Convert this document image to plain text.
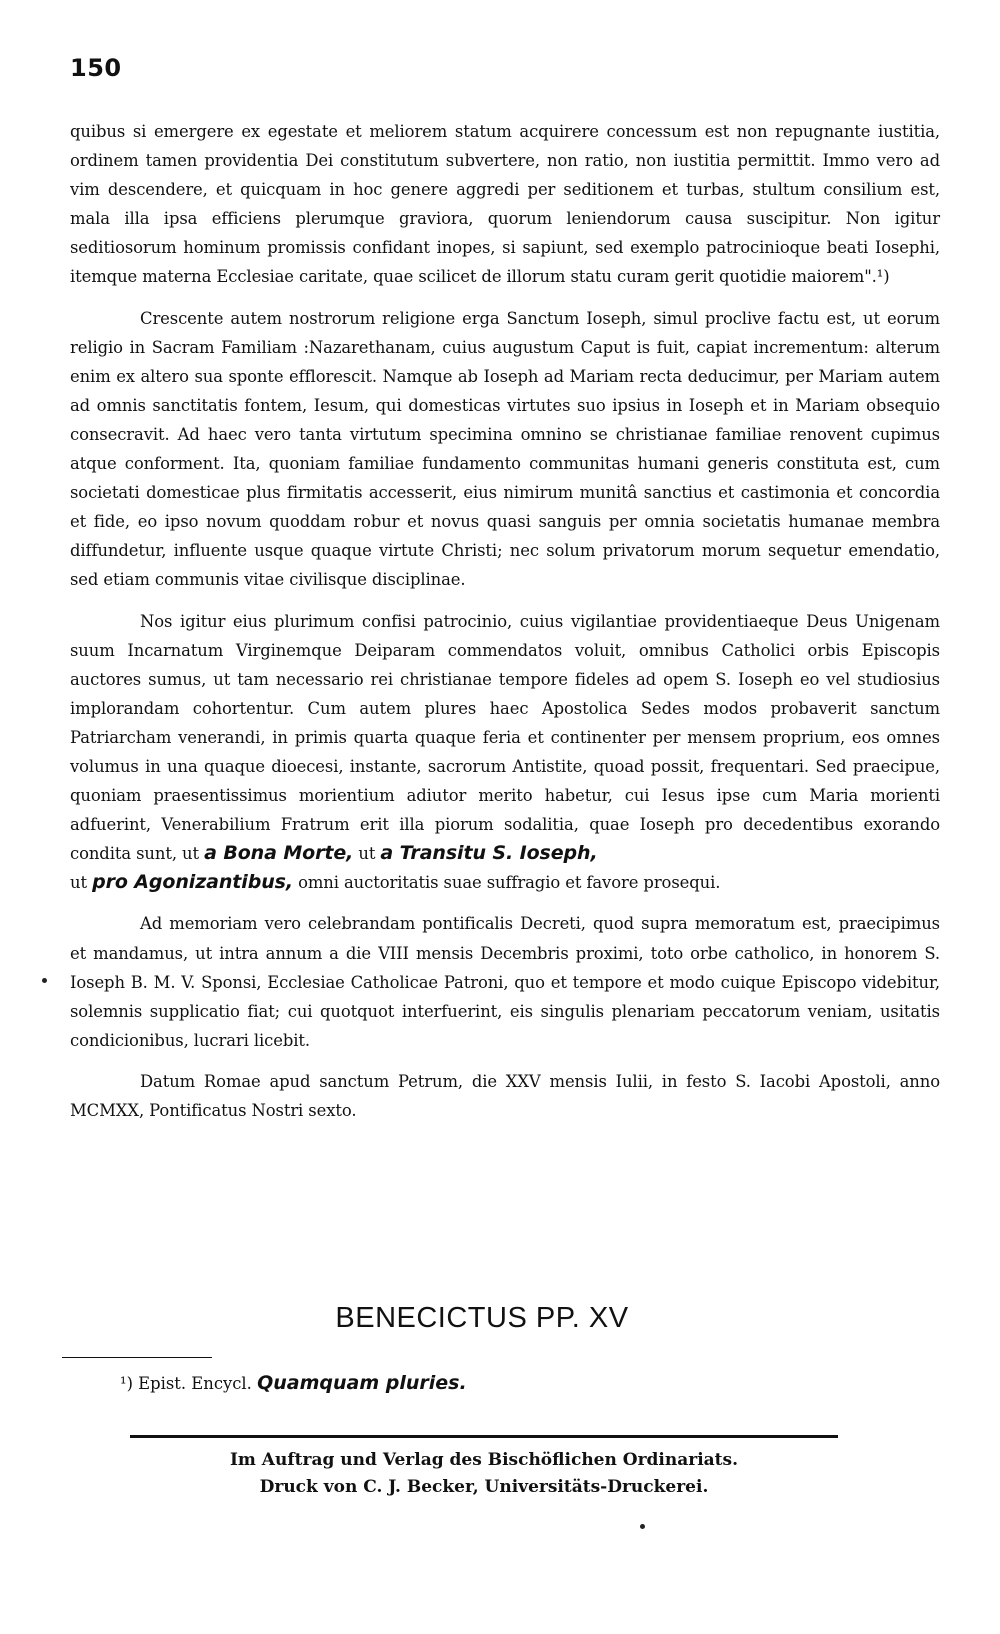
150

quibus si emergere ex egestate et meliorem statum acquirere concessum est non repugnante iustitia, ordinem tamen providentia Dei constitutum subvertere, non ratio, non iustitia permittit. Immo vero ad vim descendere, et quicquam in hoc genere aggredi per seditionem et turbas, stultum consilium est, mala illa ipsa efficiens plerumque graviora, quorum leniendorum causa suscipitur. Non igitur seditiosorum hominum promissis confidant inopes, si sapiunt, sed exemplo patrocinioque beati Iosephi, itemque materna Ecclesiae caritate, quae scilicet de illorum statu curam gerit quotidie maiorem".¹)

Crescente autem nostrorum religione erga Sanctum Ioseph, simul proclive factu est, ut eorum religio in Sacram Familiam :Nazarethanam, cuius augustum Caput is fuit, capiat incrementum: alterum enim ex altero sua sponte efflorescit. Namque ab Ioseph ad Mariam recta deducimur, per Mariam autem ad omnis sanctitatis fontem, Iesum, qui domesticas virtutes suo ipsius in Ioseph et in Mariam obsequio consecravit. Ad haec vero tanta virtutum specimina omnino se christianae familiae renovent cupimus atque conforment. Ita, quoniam familiae fundamento communitas humani generis constituta est, cum societati domesticae plus firmitatis accesserit, eius nimirum munitâ sanctius et castimonia et concordia et fide, eo ipso novum quoddam robur et novus quasi sanguis per omnia societatis humanae membra diffundetur, influente usque quaque virtute Christi; nec solum privatorum morum sequetur emendatio, sed etiam communis vitae civilisque disciplinae.

Nos igitur eius plurimum confisi patrocinio, cuius vigilantiae providentiaeque Deus Unigenam suum Incarnatum Virginemque Deiparam commendatos voluit, omnibus Catholici orbis Episcopis auctores sumus, ut tam necessario rei christianae tempore fideles ad opem S. Ioseph eo vel studiosius implorandam cohortentur. Cum autem plures haec Apostolica Sedes modos probaverit sanctum Patriarcham venerandi, in primis quarta quaque feria et continenter per mensem proprium, eos omnes volumus in una quaque dioecesi, instante, sacrorum Antistite, quoad possit, frequentari. Sed praecipue, quoniam praesentissimus morientium adiutor merito habetur, cui Iesus ipse cum Maria morienti adfuerint, Venerabilium Fratrum erit illa piorum sodalitia, quae Ioseph pro decedentibus exorando condita sunt, ut a Bona Morte, ut a Transitu S. Ioseph,
ut pro Agonizantibus, omni auctoritatis suae suffragio et favore prosequi.

Ad memoriam vero celebrandam pontificalis Decreti, quod supra memoratum est, praecipimus et mandamus, ut intra annum a die VIII mensis Decembris proximi, toto orbe catholico, in honorem S. Ioseph B. M. V. Sponsi, Ecclesiae Catholicae Patroni, quo et tempore et modo cuique Episcopo videbitur, solemnis supplicatio fiat; cui quotquot interfuerint, eis singulis plenariam peccatorum veniam, usitatis condicionibus, lucrari licebit.

Datum Romae apud sanctum Petrum, die XXV mensis Iulii, in festo S. Iacobi Apostoli, anno MCMXX, Pontificatus Nostri sexto.

BENECICTUS PP. XV
¹) Epist. Encycl. Quamquam pluries.
Im Auftrag und Verlag des Bischöflichen Ordinariats.
Druck von C. J. Becker, Universitäts-Druckerei.
